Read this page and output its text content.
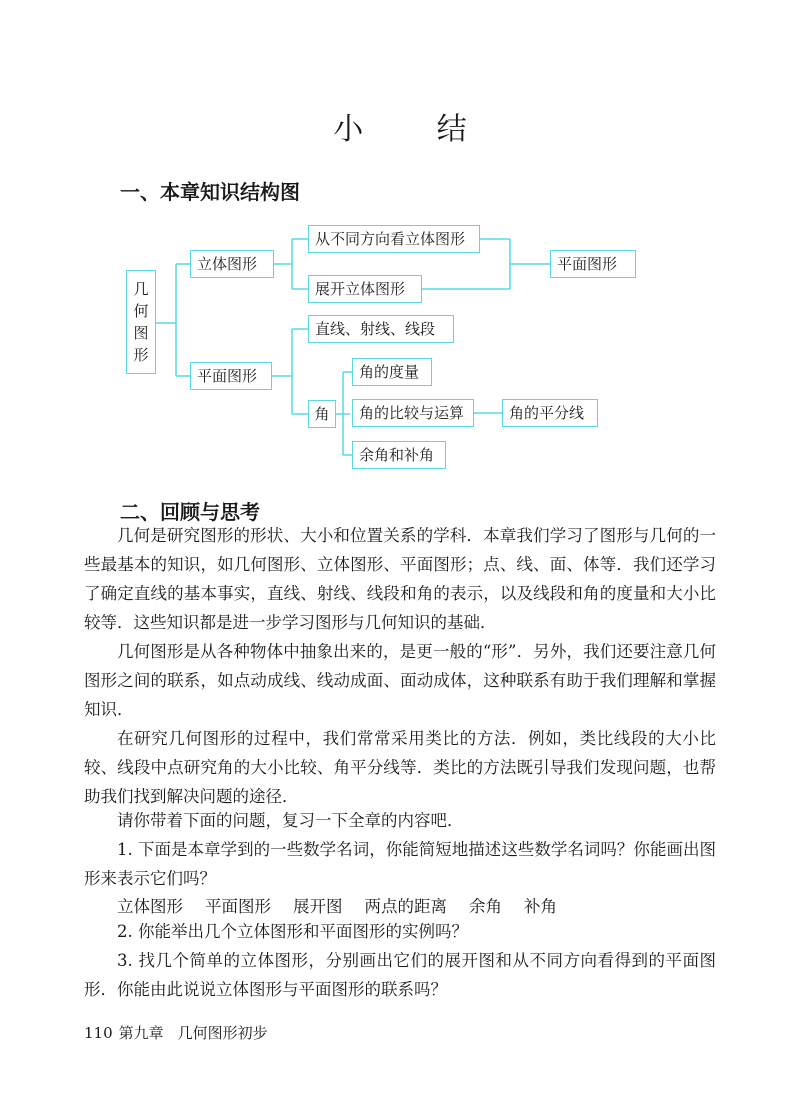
小 结
一、本章知识结构图
几
何
图
形
立体图形
从不同方向看立体图形
展开立体图形
平面图形
平面图形
直线、射线、线段
角
角的度量
角的比较与运算	角的平分线
余角和补角
二、回顾与思考

几何是研究图形的形状、大小和位置关系的学科．本章我们学习了图形与几何的一些最基本的知识，如几何图形、立体图形、平面图形；点、线、面、体等．我们还学习了确定直线的基本事实，直线、射线、线段和角的表示，以及线段和角的度量和大小比较等．这些知识都是进一步学习图形与几何知识的基础．

几何图形是从各种物体中抽象出来的，是更一般的“形”．另外，我们还要注意几何图形之间的联系，如点动成线、线动成面、面动成体，这种联系有助于我们理解和掌握知识．

在研究几何图形的过程中，我们常常采用类比的方法．例如，类比线段的大小比较、线段中点研究角的大小比较、角平分线等．类比的方法既引导我们发现问题，也帮助我们找到解决问题的途径．

请你带着下面的问题，复习一下全章的内容吧．

1. 下面是本章学到的一些数学名词，你能简短地描述这些数学名词吗？你能画出图形来表示它们吗？

立体图形 平面图形 展开图 两点的距离 余角 补角

2. 你能举出几个立体图形和平面图形的实例吗？

3. 找几个简单的立体图形，分别画出它们的展开图和从不同方向看得到的平面图形．你能由此说说立体图形与平面图形的联系吗？

110 第九章 几何图形初步
